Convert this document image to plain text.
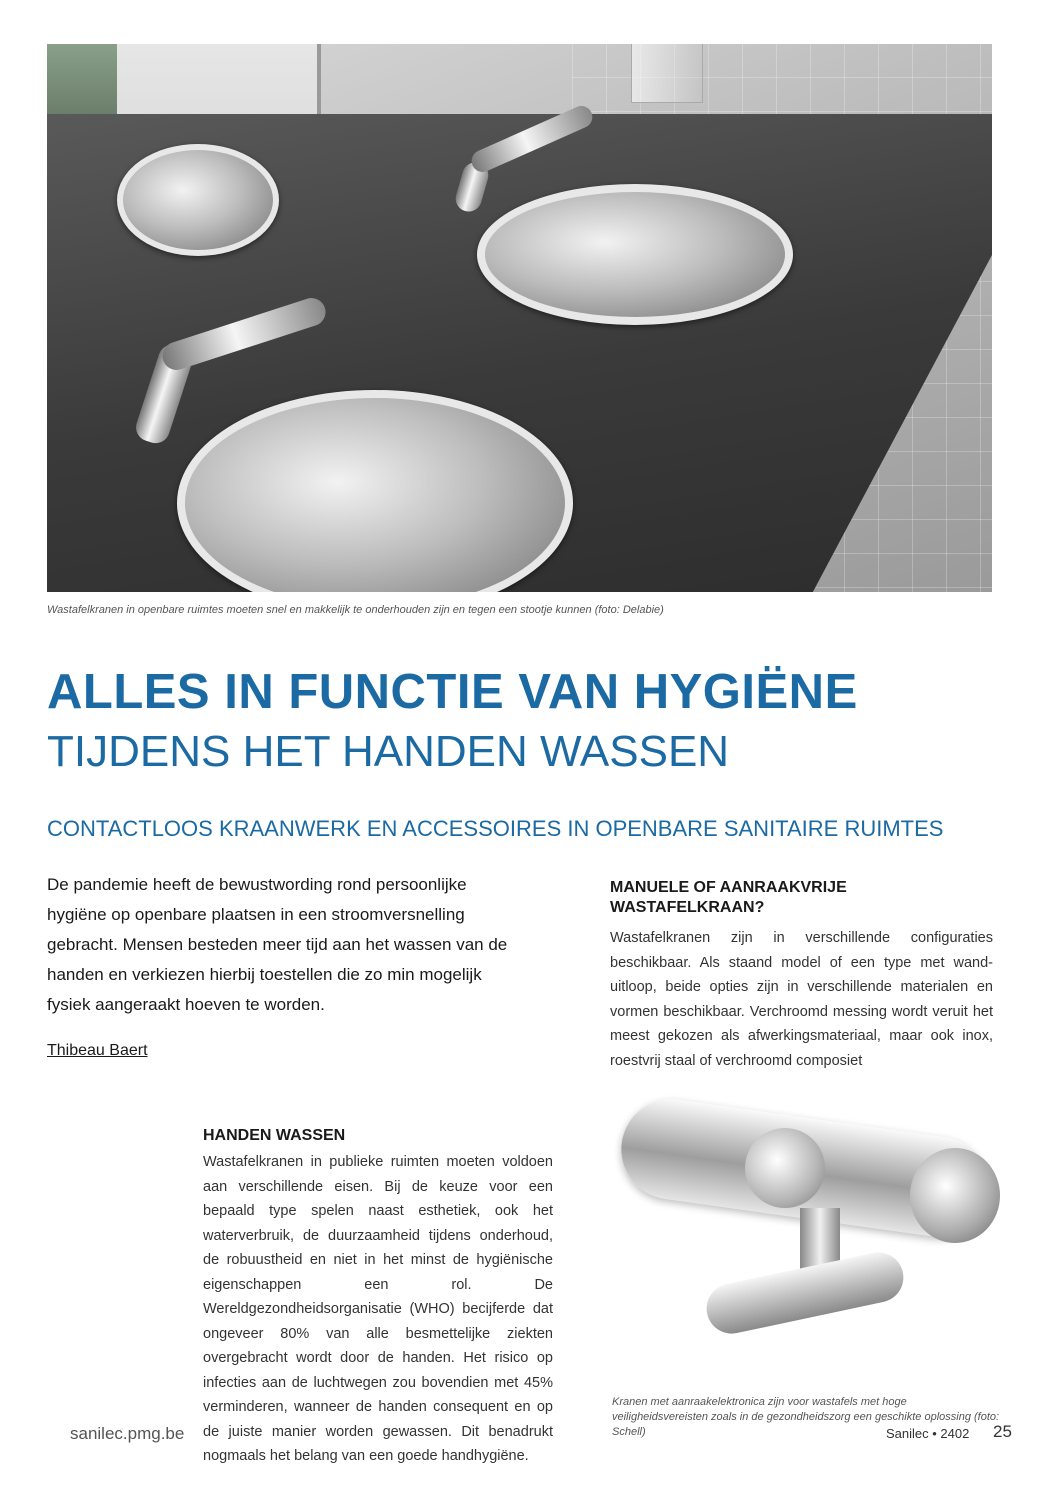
Wastafelkranen in openbare ruimtes moeten snel en makkelijk te onderhouden zijn en tegen een stootje kunnen (foto: Delabie)
ALLES IN FUNCTIE VAN HYGIËNE
TIJDENS HET HANDEN WASSEN
CONTACTLOOS KRAANWERK EN ACCESSOIRES IN OPENBARE SANITAIRE RUIMTES

De pandemie heeft de bewustwording rond persoonlijke hygiëne op openbare plaatsen in een stroomversnelling gebracht. Mensen besteden meer tijd aan het wassen van de handen en verkiezen hierbij toestellen die zo min mogelijk fysiek aangeraakt hoeven te worden.

Thibeau Baert
MANUELE OF AANRAAKVRIJE WASTAFELKRAAN?

Wastafelkranen zijn in verschillende configuraties beschikbaar. Als staand model of een type met wanduitloop, beide opties zijn in verschillende materialen en vormen beschikbaar. Verchroomd messing wordt veruit het meest gekozen als afwerkingsmateriaal, maar ook inox, roestvrij staal of verchroomd composiet

Kranen met aanraakelektronica zijn voor wastafels met hoge veiligheidsvereisten zoals in de gezondheidszorg een geschikte oplossing (foto: Schell)
HANDEN WASSEN

Wastafelkranen in publieke ruimten moeten voldoen aan verschillende eisen. Bij de keuze voor een bepaald type spelen naast esthetiek, ook het waterverbruik, de duurzaamheid tijdens onderhoud, de robuustheid en niet in het minst de hygiënische eigenschappen een rol. De Wereldgezondheidsorganisatie (WHO) becijferde dat ongeveer 80% van alle besmettelijke ziekten overgebracht wordt door de handen. Het risico op infecties aan de luchtwegen zou bovendien met 45% verminderen, wanneer de handen consequent en op de juiste manier worden gewassen. Dit benadrukt nogmaals het belang van een goede handhygiëne.

sanilec.pmg.be	Sanilec • 2402 25
